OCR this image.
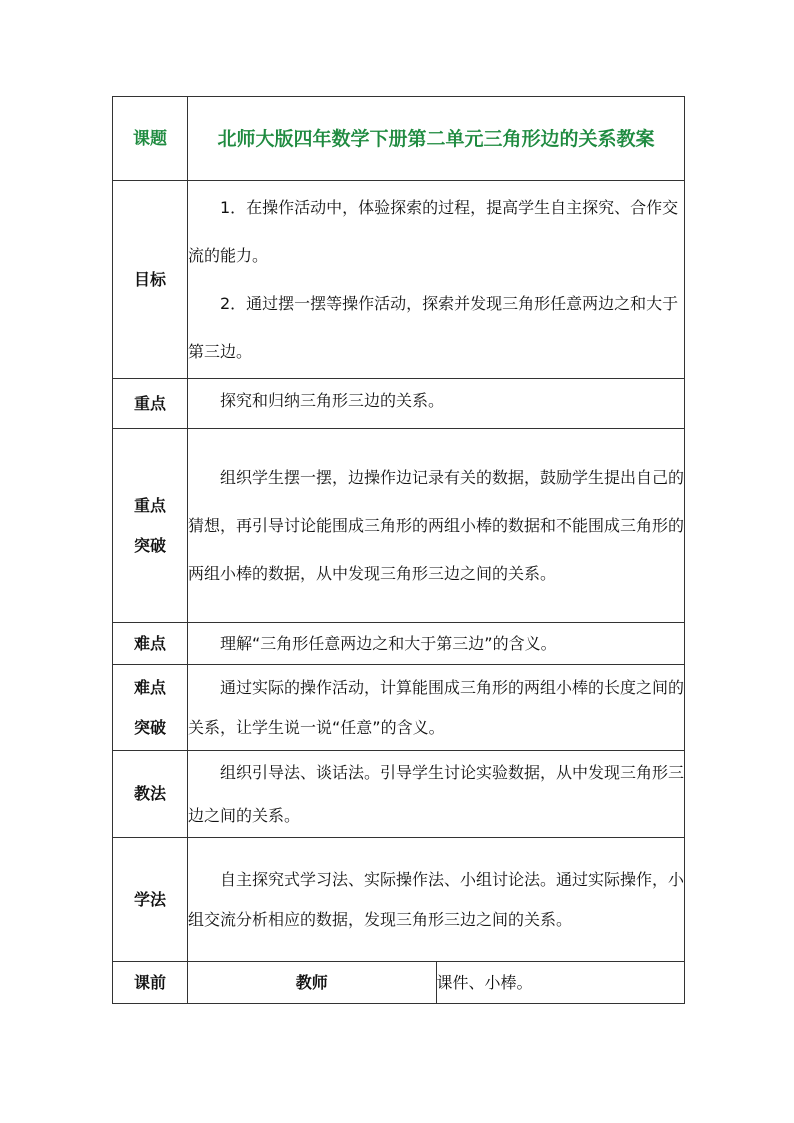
课题	北师大版四年数学下册第二单元三角形边的关系教案	
目标	1．在操作活动中，体验探索的过程，提高学生自主探究、合作交流的能力。

2．通过摆一摆等操作活动，探索并发现三角形任意两边之和大于第三边。	

重点	探究和归纳三角形三边的关系。	

重点
突破	组织学生摆一摆，边操作边记录有关的数据，鼓励学生提出自己的猜想，再引导讨论能围成三角形的两组小棒的数据和不能围成三角形的两组小棒的数据，从中发现三角形三边之间的关系。	

难点	理解“三角形任意两边之和大于第三边”的含义。	

难点
突破	通过实际的操作活动，计算能围成三角形的两组小棒的长度之间的关系，让学生说一说“任意”的含义。	

教法	组织引导法、谈话法。引导学生讨论实验数据，从中发现三角形三边之间的关系。	

学法	自主探究式学习法、实际操作法、小组讨论法。通过实际操作，小组交流分析相应的数据，发现三角形三边之间的关系。	

课前	教师	课件、小棒。
